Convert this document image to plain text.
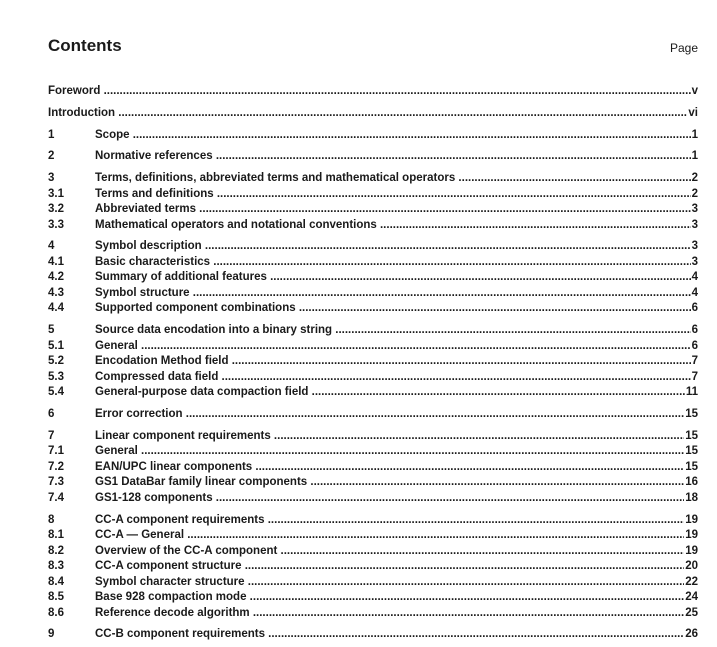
Contents	Page
Foreword .....	v
Introduction .....	vi
1	Scope .....	1
2	Normative references .....	1
3	Terms, definitions, abbreviated terms and mathematical operators .....	2
3.1	Terms and definitions .....	2
3.2	Abbreviated terms .....	3
3.3	Mathematical operators and notational conventions .....	3
4	Symbol description .....	3
4.1	Basic characteristics .....	3
4.2	Summary of additional features .....	4
4.3	Symbol structure .....	4
4.4	Supported component combinations .....	6
5	Source data encodation into a binary string .....	6
5.1	General .....	6
5.2	Encodation Method field .....	7
5.3	Compressed data field .....	7
5.4	General-purpose data compaction field .....	11
6	Error correction .....	15
7	Linear component requirements .....	15
7.1	General .....	15
7.2	EAN/UPC linear components .....	15
7.3	GS1 DataBar family linear components .....	16
7.4	GS1-128 components .....	18
8	CC-A component requirements .....	19
8.1	CC-A — General .....	19
8.2	Overview of the CC-A component .....	19
8.3	CC-A component structure .....	20
8.4	Symbol character structure .....	22
8.5	Base 928 compaction mode .....	24
8.6	Reference decode algorithm .....	25
9	CC-B component requirements .....	26
